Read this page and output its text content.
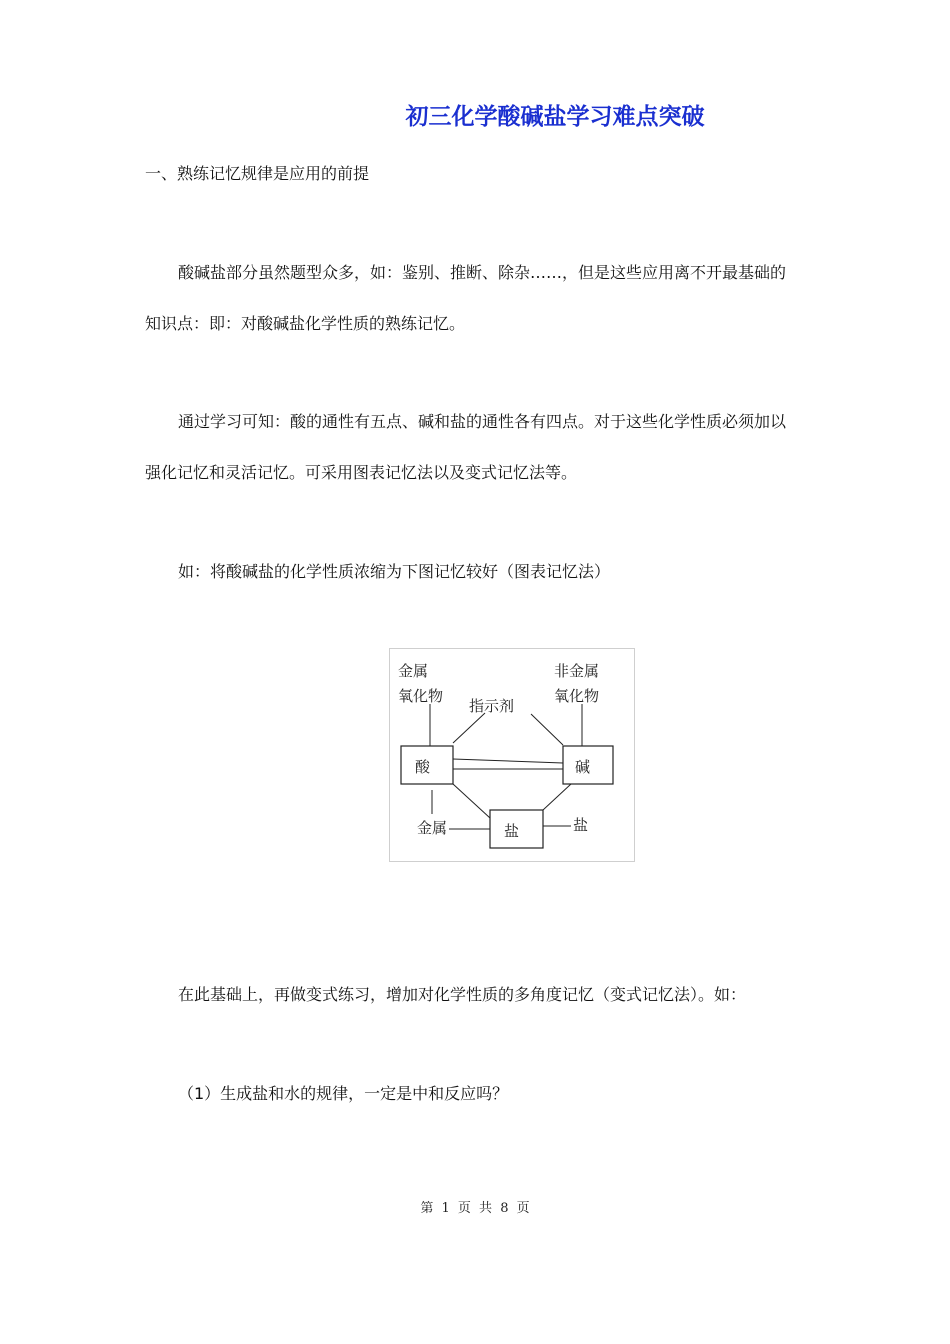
初三化学酸碱盐学习难点突破
一、熟练记忆规律是应用的前提
酸碱盐部分虽然题型众多，如：鉴别、推断、除杂……，但是这些应用离不开最基础的
知识点：即：对酸碱盐化学性质的熟练记忆。
通过学习可知：酸的通性有五点、碱和盐的通性各有四点。对于这些化学性质必须加以
强化记忆和灵活记忆。可采用图表记忆法以及变式记忆法等。
如：将酸碱盐的化学性质浓缩为下图记忆较好（图表记忆法）
金属
氧化物
非金属
氧化物
指示剂
酸	碱
盐
金属	盐
在此基础上，再做变式练习，增加对化学性质的多角度记忆（变式记忆法）。如：
（1）生成盐和水的规律，一定是中和反应吗？
第 1 页 共 8 页
